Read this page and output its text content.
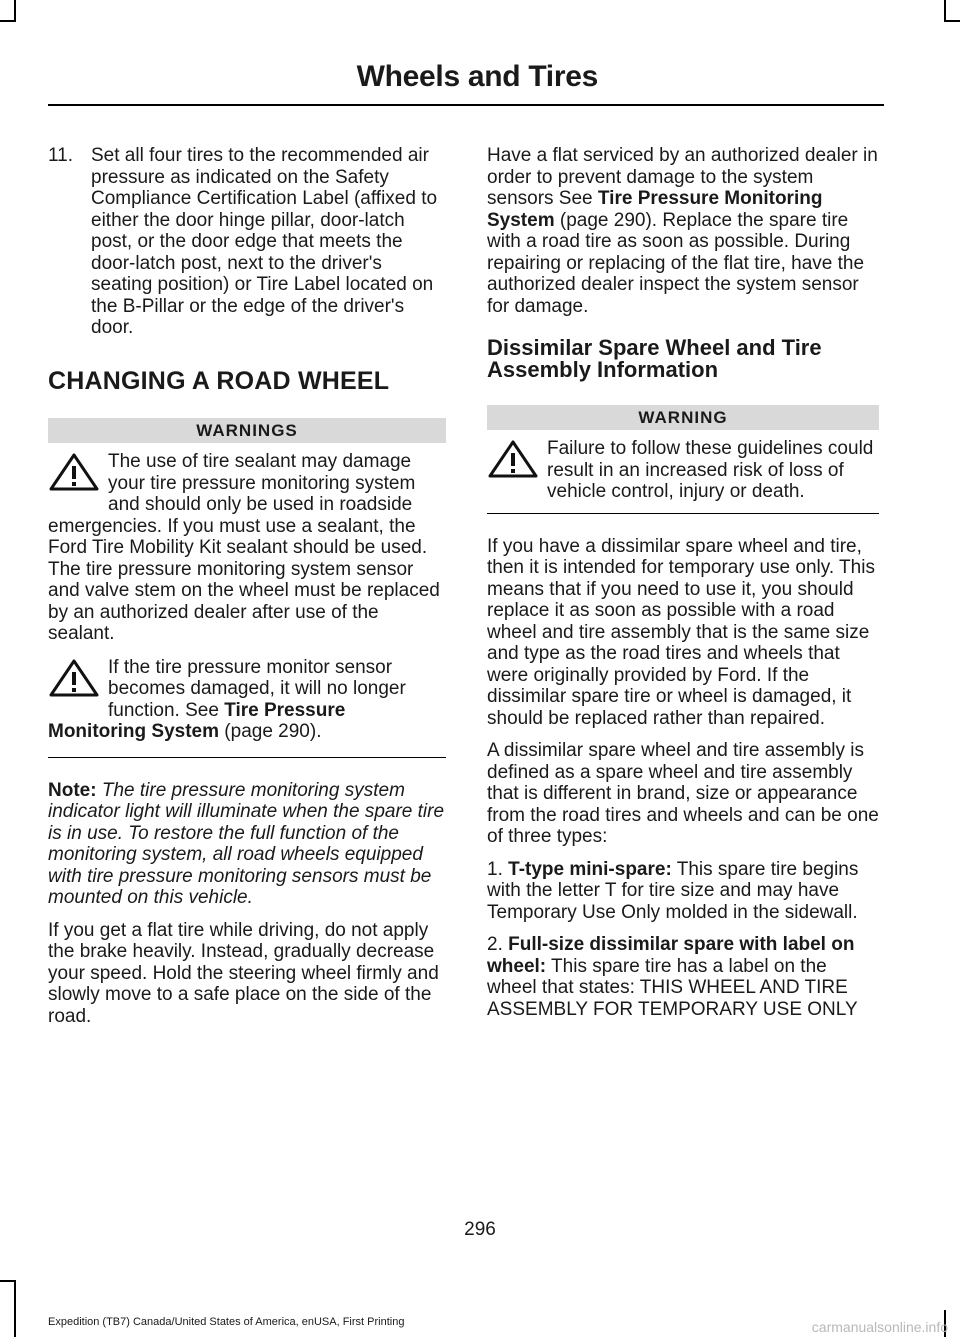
Wheels and Tires
11. Set all four tires to the recommended air pressure as indicated on the Safety Compliance Certification Label (affixed to either the door hinge pillar, door-latch post, or the door edge that meets the door-latch post, next to the driver's seating position) or Tire Label located on the B-Pillar or the edge of the driver's door.
CHANGING A ROAD WHEEL
WARNINGS
The use of tire sealant may damage your tire pressure monitoring system and should only be used in roadside emergencies. If you must use a sealant, the Ford Tire Mobility Kit sealant should be used. The tire pressure monitoring system sensor and valve stem on the wheel must be replaced by an authorized dealer after use of the sealant.
If the tire pressure monitor sensor becomes damaged, it will no longer function. See Tire Pressure Monitoring System (page 290).

Note: The tire pressure monitoring system indicator light will illuminate when the spare tire is in use. To restore the full function of the monitoring system, all road wheels equipped with tire pressure monitoring sensors must be mounted on this vehicle.

If you get a flat tire while driving, do not apply the brake heavily. Instead, gradually decrease your speed. Hold the steering wheel firmly and slowly move to a safe place on the side of the road.

Have a flat serviced by an authorized dealer in order to prevent damage to the system sensors See Tire Pressure Monitoring System (page 290). Replace the spare tire with a road tire as soon as possible. During repairing or replacing of the flat tire, have the authorized dealer inspect the system sensor for damage.

Dissimilar Spare Wheel and Tire Assembly Information
WARNING
Failure to follow these guidelines could result in an increased risk of loss of vehicle control, injury or death.

If you have a dissimilar spare wheel and tire, then it is intended for temporary use only. This means that if you need to use it, you should replace it as soon as possible with a road wheel and tire assembly that is the same size and type as the road tires and wheels that were originally provided by Ford. If the dissimilar spare tire or wheel is damaged, it should be replaced rather than repaired.

A dissimilar spare wheel and tire assembly is defined as a spare wheel and tire assembly that is different in brand, size or appearance from the road tires and wheels and can be one of three types:

1. T-type mini-spare: This spare tire begins with the letter T for tire size and may have Temporary Use Only molded in the sidewall.

2. Full-size dissimilar spare with label on wheel: This spare tire has a label on the wheel that states: THIS WHEEL AND TIRE ASSEMBLY FOR TEMPORARY USE ONLY

296
Expedition (TB7) Canada/United States of America, enUSA, First Printing	carmanualsonline.info
